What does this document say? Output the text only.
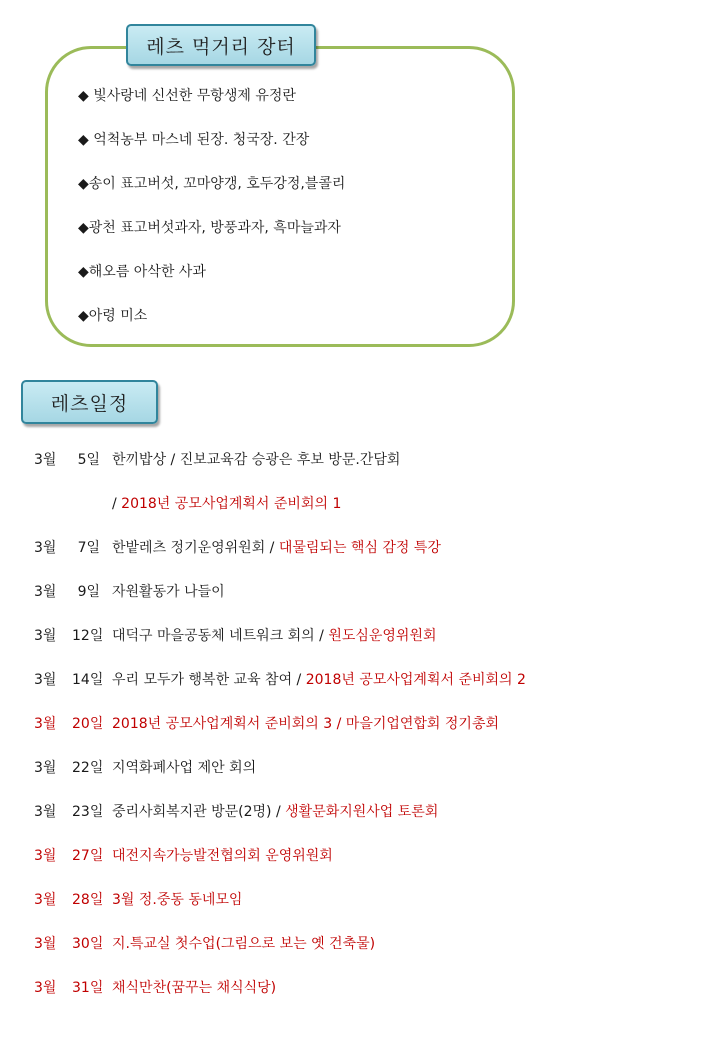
레츠 먹거리 장터
◆ 빛사랑네 신선한 무항생제 유정란
◆ 억척농부 마스네 된장. 청국장. 간장
◆송이 표고버섯, 꼬마양갱, 호두강정,블콜리
◆광천 표고버섯과자, 방풍과자, 흑마늘과자
◆해오름 아삭한 사과
◆아령 미소
레츠일정
3월	5일 한끼밥상 / 진보교육감 승광은 후보 방문.간담회
/ 2018년 공모사업계획서 준비회의 1
3월	7일 한밭레츠 정기운영위원회 / 대물림되는 핵심 감정 특강
3월	9일 자원활동가 나들이
3월 12일 대덕구 마을공동체 네트워크 회의 / 원도심운영위원회
3월 14일 우리 모두가 행복한 교육 참여 / 2018년 공모사업계획서 준비회의 2
3월 20일 2018년 공모사업계획서 준비회의 3 / 마을기업연합회 정기총회
3월 22일 지역화폐사업 제안 회의
3월 23일 중리사회복지관 방문(2명) / 생활문화지원사업 토론회
3월 27일 대전지속가능발전협의회 운영위원회
3월 28일 3월 정.중동 동네모임
3월 30일 지.특교실 첫수업(그림으로 보는 옛 건축물)
3월 31일 채식만찬(꿈꾸는 채식식당)
